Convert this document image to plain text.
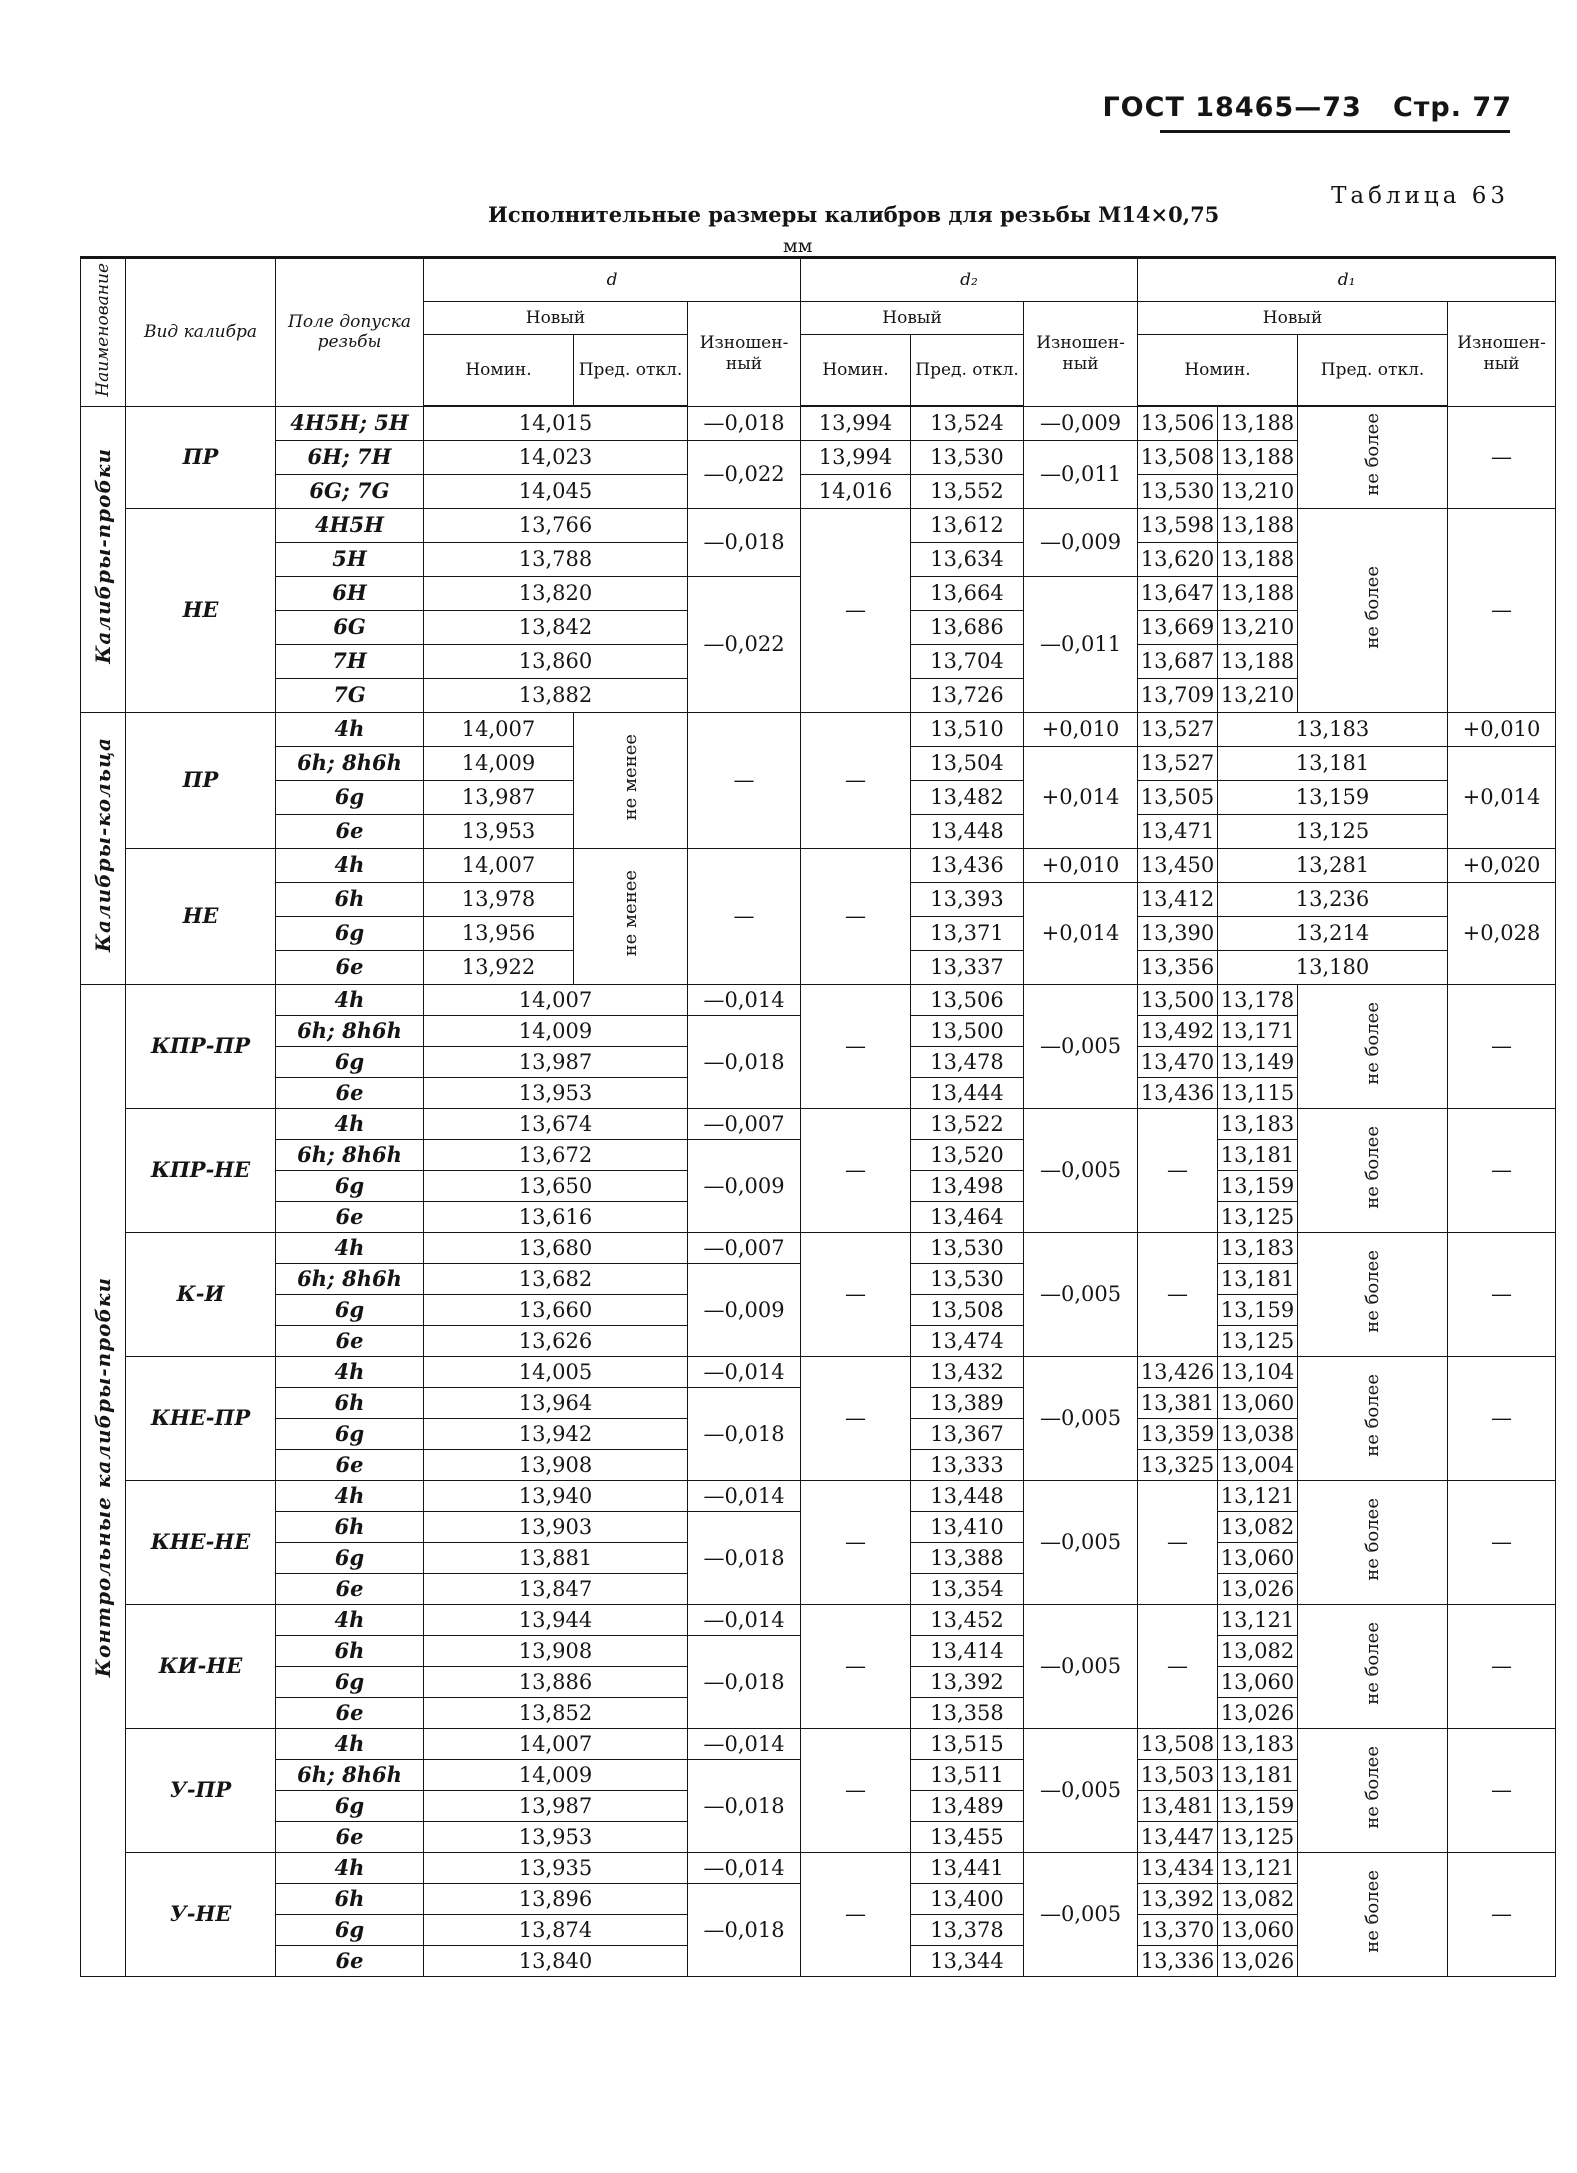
ГОСТ 18465—73 Стр. 77
Таблица 63
Исполнительные размеры калибров для резьбы М14×0,75
мм
Наименование	Вид калибра	Поле допуска резьбы	d			d₂			d₁				
			Новый		Изношенный	Новый		Изношенный	Новый			Изношенный	
			Номин.	Пред. откл.		Номин.	Пред. откл.		Номин.		Пред. откл.		
Калибры-пробки	ПР	4H5H; 5H	14,015		—0,018	13,994	13,524	—0,009	13,506	13,188	не более	—	
		6H; 7H	14,023		—0,022	13,994	13,530	—0,011	13,508	13,188			
		6G; 7G	14,045			14,016	13,552		13,530	13,210			
	НЕ	4H5H	13,766		—0,018	—	13,612	—0,009	13,598	13,188	не более	—	
		5H	13,788				13,634		13,620	13,188			
		6H	13,820		—0,022		13,664	—0,011	13,647	13,188			
		6G	13,842				13,686		13,669	13,210			
		7H	13,860				13,704		13,687	13,188			
		7G	13,882				13,726		13,709	13,210			
Калибры-кольца	ПР	4h	14,007	не менее	—	—	13,510	+0,010	13,527	13,183		+0,010	
		6h; 8h6h	14,009				13,504	+0,014	13,527	13,181		+0,014	
		6g	13,987				13,482		13,505	13,159	
		6e	13,953				13,448		13,471	13,125	
	НЕ	4h	14,007	не менее	—	—	13,436	+0,010	13,450	13,281		+0,020	
		6h	13,978				13,393	+0,014	13,412	13,236		+0,028	
		6g	13,956				13,371		13,390	13,214			
		6e	13,922				13,337		13,356	13,180			
Контрольные калибры-пробки	КПР-ПР	4h	14,007		—0,014	—	13,506	—0,005	13,500	13,178	не более	—	
		6h; 8h6h	14,009		—0,018		13,500		13,492	13,171			
		6g	13,987				13,478		13,470	13,149			
		6e	13,953				13,444		13,436	13,115			
	КПР-НЕ	4h	13,674		—0,007	—	13,522	—0,005	—	13,183	не более	—	
		6h; 8h6h	13,672		—0,009		13,520			13,181			
		6g	13,650				13,498			13,159			
		6e	13,616				13,464			13,125			
	К-И	4h	13,680		—0,007	—	13,530	—0,005	—	13,183	не более	—	
		6h; 8h6h	13,682		—0,009		13,530			13,181			
		6g	13,660				13,508			13,159			
		6e	13,626				13,474			13,125			
	КНЕ-ПР	4h	14,005		—0,014	—	13,432	—0,005	13,426	13,104	не более	—	
		6h	13,964		—0,018		13,389		13,381	13,060			
		6g	13,942				13,367		13,359	13,038			
		6e	13,908				13,333		13,325	13,004			
	КНЕ-НЕ	4h	13,940		—0,014	—	13,448	—0,005	—	13,121	не более	—	
		6h	13,903		—0,018		13,410			13,082			
		6g	13,881				13,388			13,060			
		6e	13,847				13,354			13,026			
	КИ-НЕ	4h	13,944		—0,014	—	13,452	—0,005	—	13,121	не более	—	
		6h	13,908		—0,018		13,414			13,082			
		6g	13,886				13,392			13,060			
		6e	13,852				13,358			13,026			
	У-ПР	4h	14,007		—0,014	—	13,515	—0,005	13,508	13,183	не более	—	
		6h; 8h6h	14,009		—0,018		13,511		13,503	13,181			
		6g	13,987				13,489		13,481	13,159			
		6e	13,953				13,455		13,447	13,125			
	У-НЕ	4h	13,935		—0,014	—	13,441	—0,005	13,434	13,121	не более	—	
		6h	13,896		—0,018		13,400		13,392	13,082			
		6g	13,874				13,378		13,370	13,060			
		6e	13,840				13,344		13,336	13,026			
